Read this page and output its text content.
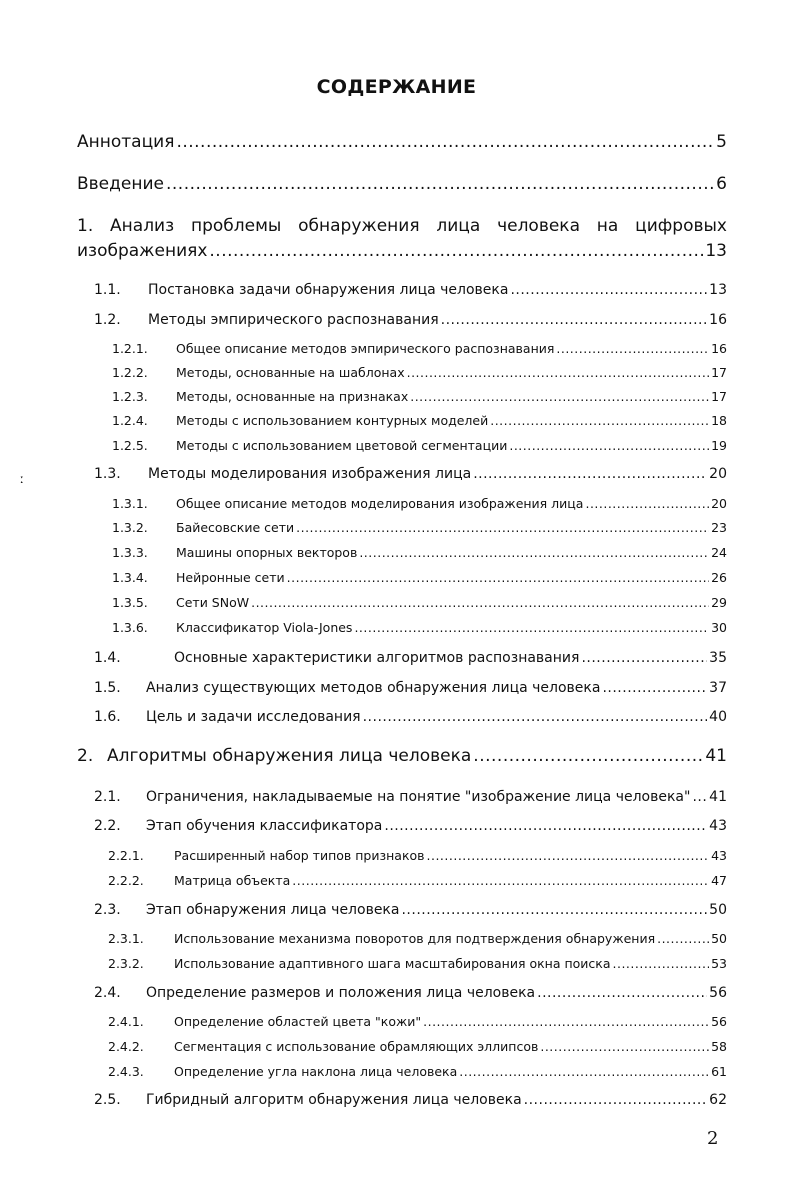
СОДЕРЖАНИЕ
Аннотация .....	5
Введение .....	6
1. Анализ проблемы обнаружения лица человека на цифровых
изображениях .....	13
1.1.	Постановка задачи обнаружения лица человека .....	13
1.2.	Методы эмпирического распознавания .....	16
1.2.1.	Общее описание методов эмпирического распознавания .....	16
1.2.2.	Методы, основанные на шаблонах .....	17
1.2.3.	Методы, основанные на признаках .....	17
1.2.4.	Методы с использованием контурных моделей .....	18
1.2.5.	Методы с использованием цветовой сегментации .....	19
ː	1.3.	Методы моделирования изображения лица .....	20
1.3.1.	Общее описание методов моделирования изображения лица .....	20
1.3.2.	Байесовские сети .....	23
1.3.3.	Машины опорных векторов .....	24
1.3.4.	Нейронные сети .....	26
1.3.5.	Сети SNoW .....	29
1.3.6.	Классификатор Viola-Jones .....	30
1.4.	Основные характеристики алгоритмов распознавания .....	35
1.5.	Анализ существующих методов обнаружения лица человека .....	37
1.6.	Цель и задачи исследования .....	40
2. Алгоритмы обнаружения лица человека .....	41
2.1.	Ограничения, накладываемые на понятие "изображение лица человека" ..... 41
2.2.	Этап обучения классификатора .....	43
2.2.1.	Расширенный набор типов признаков .....	43
2.2.2.	Матрица объекта .....	47
2.3.	Этап обнаружения лица человека .....	50
2.3.1.	Использование механизма поворотов для подтверждения обнаружения .....	50
2.3.2.	Использование адаптивного шага масштабирования окна поиска .....	53
2.4.	Определение размеров и положения лица человека .....	56
2.4.1.	Определение областей цвета "кожи" .....	56
2.4.2.	Сегментация с использование обрамляющих эллипсов .....	58
2.4.3.	Определение угла наклона лица человека .....	61
2.5.	Гибридный алгоритм обнаружения лица человека .....	62
2
